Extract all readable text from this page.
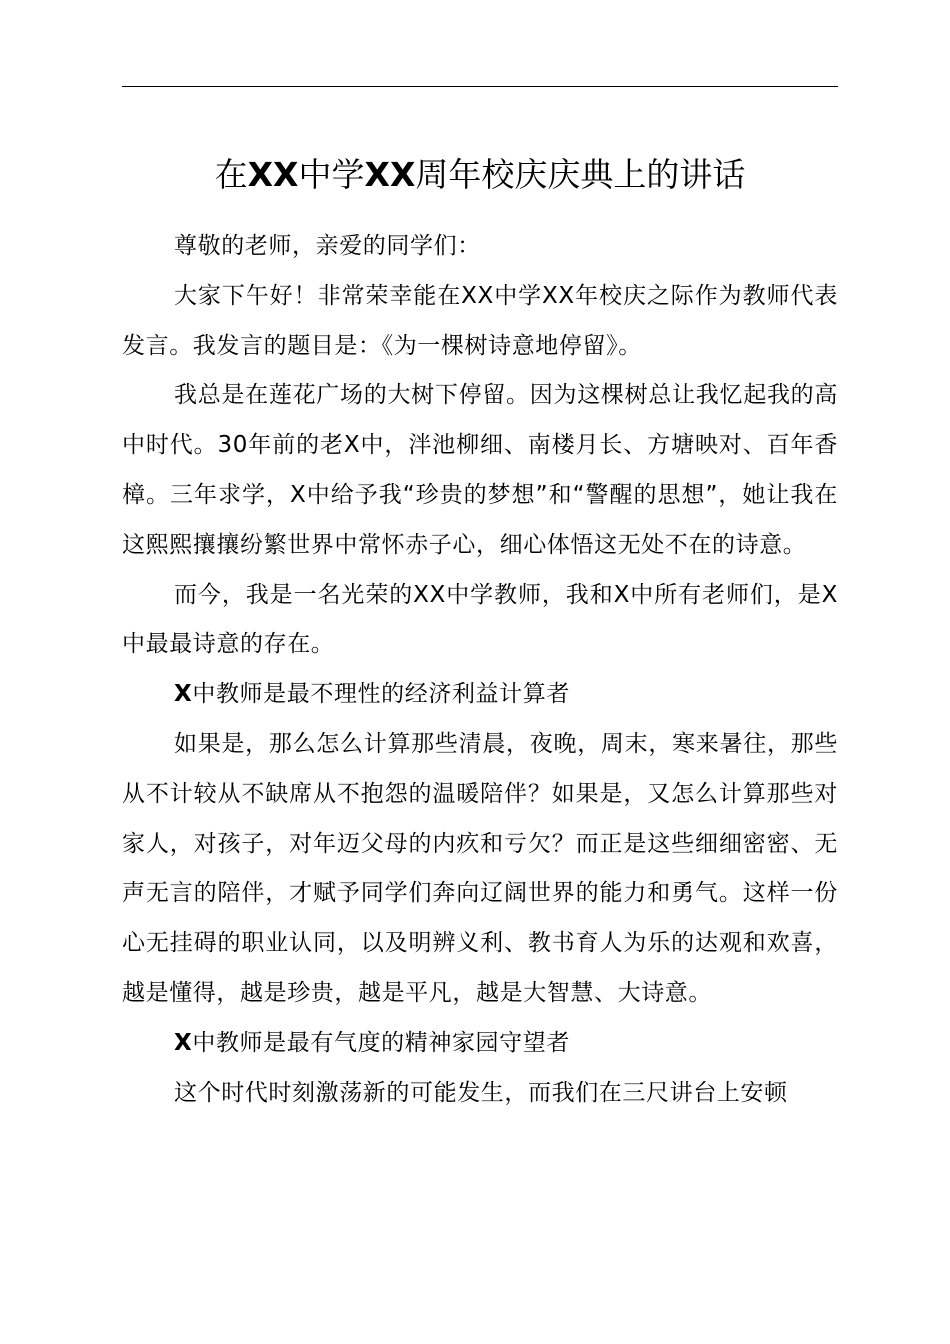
在XX中学XX周年校庆庆典上的讲话

尊敬的老师，亲爱的同学们：

大家下午好！非常荣幸能在XX中学XX年校庆之际作为教师代表发言。我发言的题目是：《为一棵树诗意地停留》。

我总是在莲花广场的大树下停留。因为这棵树总让我忆起我的高中时代。30年前的老X中，泮池柳细、南楼月长、方塘映对、百年香樟。三年求学，X中给予我“珍贵的梦想”和“警醒的思想”，她让我在这熙熙攘攘纷繁世界中常怀赤子心，细心体悟这无处不在的诗意。

而今，我是一名光荣的XX中学教师，我和X中所有老师们，是X中最最诗意的存在。

X中教师是最不理性的经济利益计算者

如果是，那么怎么计算那些清晨，夜晚，周末，寒来暑往，那些从不计较从不缺席从不抱怨的温暖陪伴？如果是，又怎么计算那些对家人，对孩子，对年迈父母的内疚和亏欠？而正是这些细细密密、无声无言的陪伴，才赋予同学们奔向辽阔世界的能力和勇气。这样一份心无挂碍的职业认同，以及明辨义利、教书育人为乐的达观和欢喜，越是懂得，越是珍贵，越是平凡，越是大智慧、大诗意。

X中教师是最有气度的精神家园守望者

这个时代时刻激荡新的可能发生，而我们在三尺讲台上安顿
